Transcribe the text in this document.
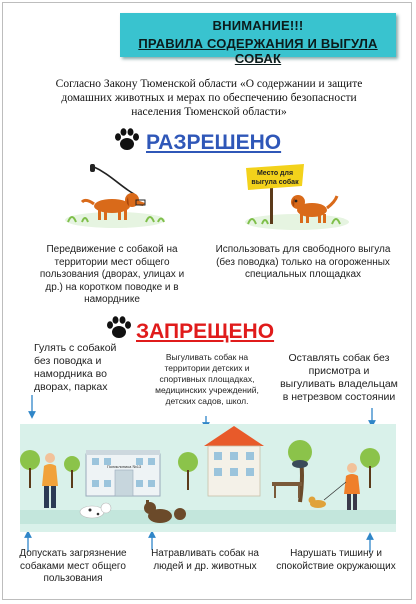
ВНИМАНИЕ!!!
ПРАВИЛА СОДЕРЖАНИЯ И ВЫГУЛА СОБАК
Согласно Закону Тюменской области «О содержании и защите домашних животных и мерах по обеспечению безопасности населения Тюменской области»
РАЗРЕШЕНО
Место для
выгула собак
Передвижение с собакой на территории мест общего пользования (дворах, улицах и др.) на коротком поводке и в наморднике
Использовать для свободного выгула (без поводка) только на огороженных специальных площадках
ЗАПРЕЩЕНО
Гулять с собакой без поводка и намордника во дворах, парках
Выгуливать собак на территории детских и спортивных площадках, медицинских учреждений, детских садов, школ.
Оставлять собак без присмотра и выгуливать владельцам в нетрезвом состоянии
Поликлиника №13
Допускать загрязнение собаками мест общего пользования
Натравливать собак на людей и др. животных
Нарушать тишину и спокойствие окружающих
